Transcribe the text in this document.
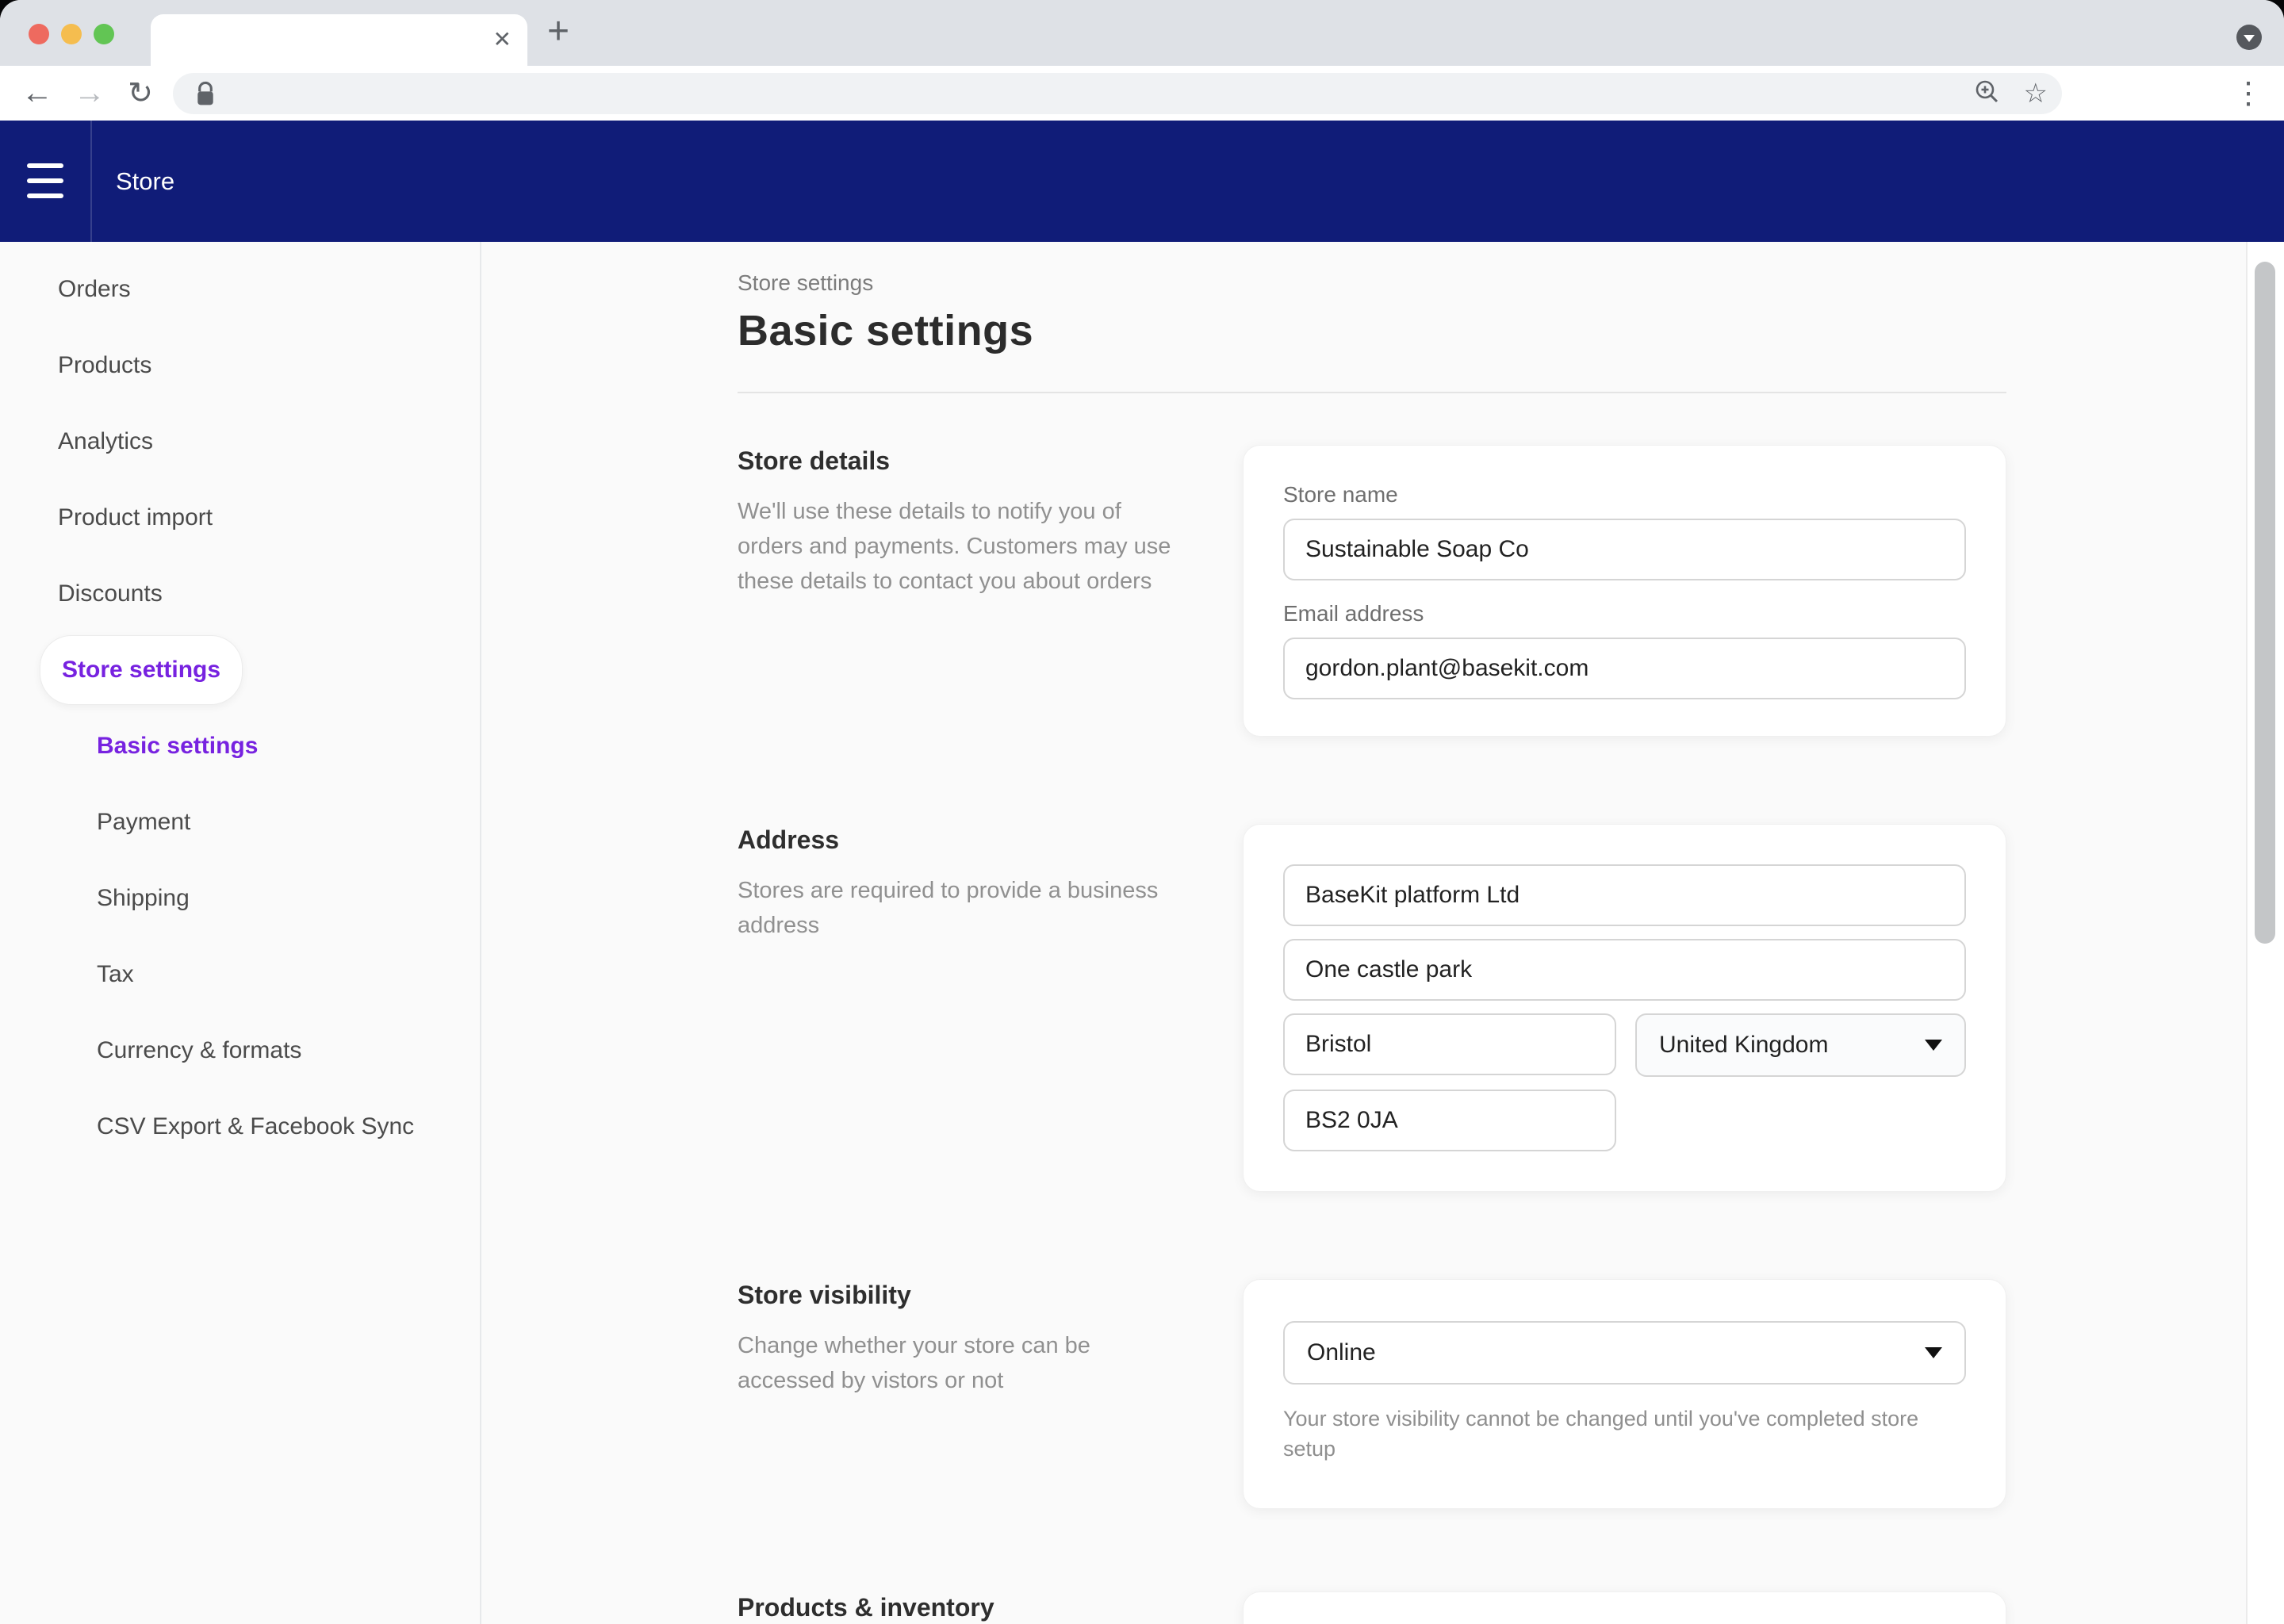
✕ +
← → ↻	☆	⋮
Store
Orders
Products
Analytics
Product import
Discounts
Store settings
Basic settings
Payment
Shipping
Tax
Currency & formats
CSV Export & Facebook Sync
Store settings
Basic settings
Store details

We'll use these details to notify you of orders and payments. Customers may use these details to contact you about orders

Store name
Sustainable Soap Co
Email address
gordon.plant@basekit.com
Address

Stores are required to provide a business address

BaseKit platform Ltd
One castle park
Bristol
United Kingdom
BS2 0JA
Store visibility

Change whether your store can be accessed by vistors or not

Online
Your store visibility cannot be changed until you've completed store setup
Products & inventory
